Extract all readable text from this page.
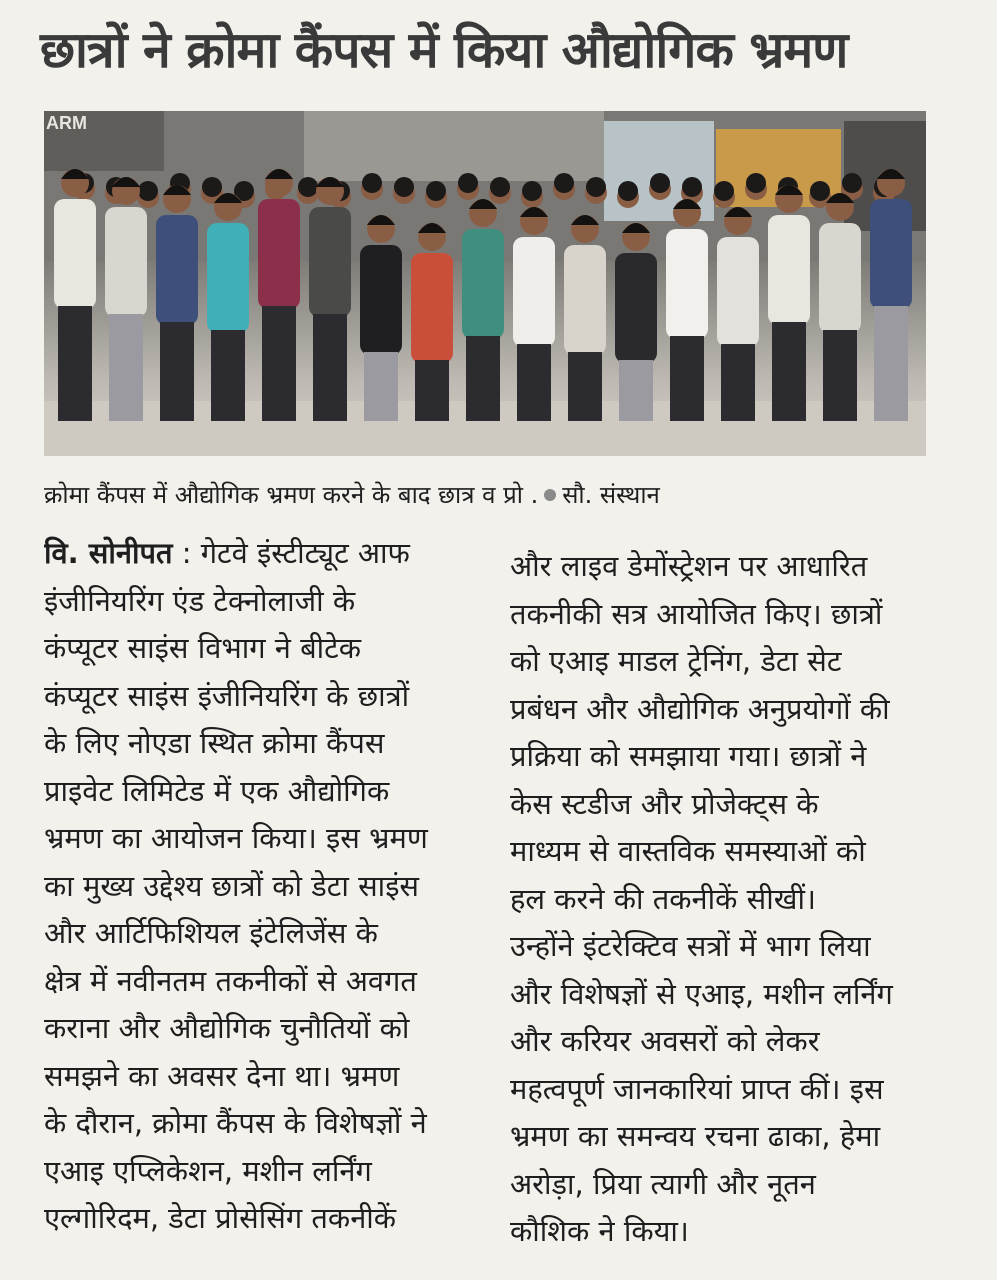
छात्रों ने क्रोमा कैंपस में किया औद्योगिक भ्रमण
ARM
क्रोमा कैंपस में औद्योगिक भ्रमण करने के बाद छात्र व प्रो . सौ. संस्थान
वि. सोनीपत : गेटवे इंस्टीट्यूट आफ
इंजीनियरिंग एंड टेक्नोलाजी के
कंप्यूटर साइंस विभाग ने बीटेक
कंप्यूटर साइंस इंजीनियरिंग के छात्रों
के लिए नोएडा स्थित क्रोमा कैंपस
प्राइवेट लिमिटेड में एक औद्योगिक
भ्रमण का आयोजन किया। इस भ्रमण
का मुख्य उद्देश्य छात्रों को डेटा साइंस
और आर्टिफिशियल इंटेलिजेंस के
क्षेत्र में नवीनतम तकनीकों से अवगत
कराना और औद्योगिक चुनौतियों को
समझने का अवसर देना था। भ्रमण
के दौरान, क्रोमा कैंपस के विशेषज्ञों ने
एआइ एप्लिकेशन, मशीन लर्निंग
एल्गोरिदम, डेटा प्रोसेसिंग तकनीकें
और लाइव डेमोंस्ट्रेशन पर आधारित
तकनीकी सत्र आयोजित किए। छात्रों
को एआइ माडल ट्रेनिंग, डेटा सेट
प्रबंधन और औद्योगिक अनुप्रयोगों की
प्रक्रिया को समझाया गया। छात्रों ने
केस स्टडीज और प्रोजेक्ट्स के
माध्यम से वास्तविक समस्याओं को
हल करने की तकनीकें सीखीं।
उन्होंने इंटरेक्टिव सत्रों में भाग लिया
और विशेषज्ञों से एआइ, मशीन लर्निंग
और करियर अवसरों को लेकर
महत्वपूर्ण जानकारियां प्राप्त कीं। इस
भ्रमण का समन्वय रचना ढाका, हेमा
अरोड़ा, प्रिया त्यागी और नूतन
कौशिक ने किया।
